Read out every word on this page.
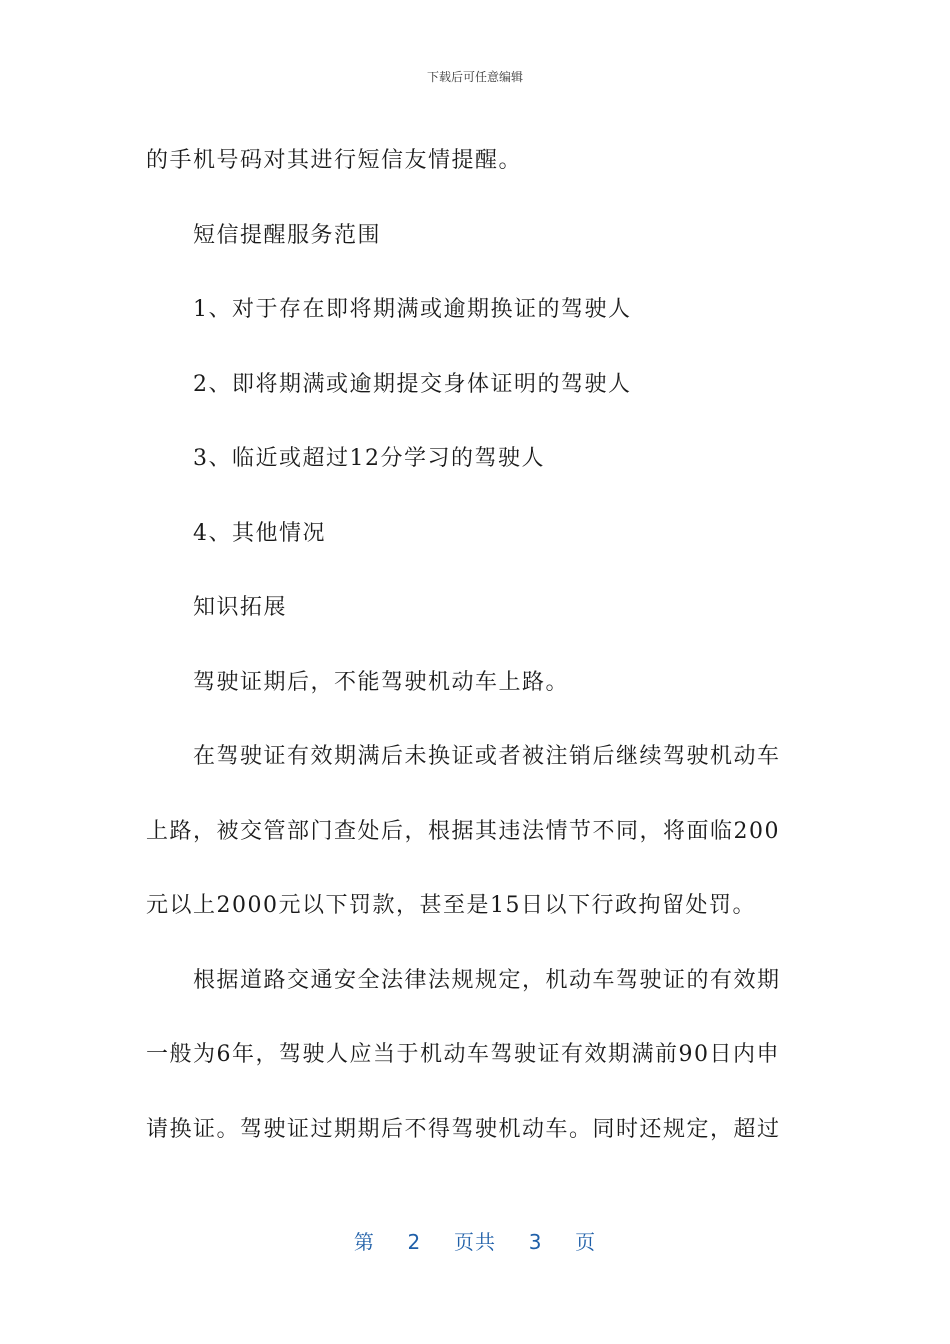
下载后可任意编辑

的手机号码对其进行短信友情提醒。

短信提醒服务范围

1、对于存在即将期满或逾期换证的驾驶人

2、即将期满或逾期提交身体证明的驾驶人

3、临近或超过12分学习的驾驶人

4、其他情况

知识拓展

驾驶证期后，不能驾驶机动车上路。

在驾驶证有效期满后未换证或者被注销后继续驾驶机动车上路，被交管部门查处后，根据其违法情节不同，将面临200元以上2000元以下罚款，甚至是15日以下行政拘留处罚。

根据道路交通安全法律法规规定，机动车驾驶证的有效期一般为6年，驾驶人应当于机动车驾驶证有效期满前90日内申请换证。驾驶证过期期后不得驾驶机动车。同时还规定，超过

第 2 页共 3 页
